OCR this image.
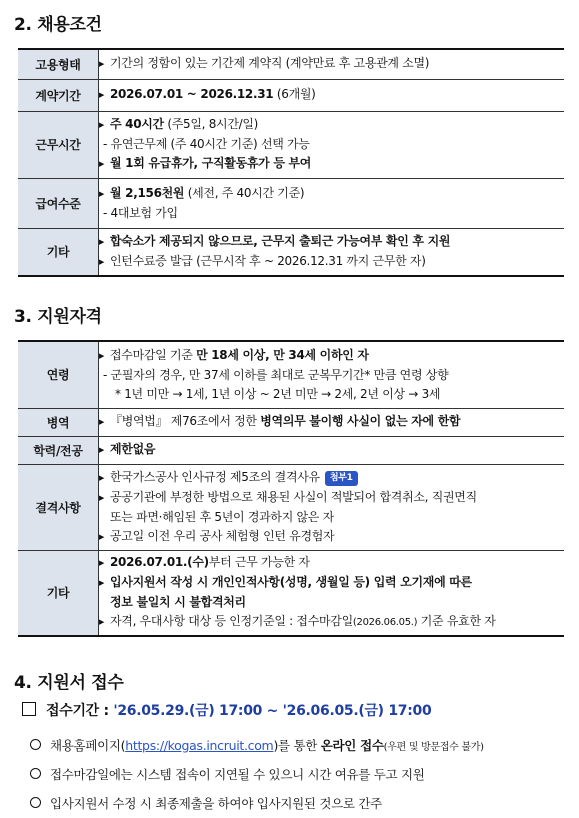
2. 채용조건
고용형태	▶ 기간의 정함이 있는 기간제 계약직 (계약만료 후 고용관계 소멸)

계약기간	▶ 2026.07.01 ~ 2026.12.31 (6개월)

근무시간	▶ 주 40시간 (주5일, 8시간/일)
- 유연근무제 (주 40시간 기준) 선택 가능
▶ 월 1회 유급휴가, 구직활동휴가 등 부여

급여수준	▶ 월 2,156천원 (세전, 주 40시간 기준)
- 4대보험 가입

기타	▶ 합숙소가 제공되지 않으므로, 근무지 출퇴근 가능여부 확인 후 지원
▶ 인턴수료증 발급 (근무시작 후 ~ 2026.12.31 까지 근무한 자)
3. 지원자격
연령	▶ 접수마감일 기준 만 18세 이상, 만 34세 이하인 자
- 군필자의 경우, 만 37세 이하를 최대로 군복무기간* 만큼 연령 상향
* 1년 미만 → 1세, 1년 이상 ~ 2년 미만 → 2세, 2년 이상 → 3세

병역	▶ 『병역법』 제76조에서 정한 병역의무 불이행 사실이 없는 자에 한함

학력/전공	▶ 제한없음

결격사항	▶ 한국가스공사 인사규정 제5조의 결격사유 첨부1
▶ 공공기관에 부정한 방법으로 채용된 사실이 적발되어 합격취소, 직권면직
또는 파면·해임된 후 5년이 경과하지 않은 자
▶ 공고일 이전 우리 공사 체험형 인턴 유경험자

기타	▶ 2026.07.01.(수)부터 근무 가능한 자
▶ 입사지원서 작성 시 개인인적사항(성명, 생월일 등) 입력 오기재에 따른
정보 불일치 시 불합격처리
▶ 자격, 우대사항 대상 등 인정기준일 : 접수마감일(2026.06.05.) 기준 유효한 자
4. 지원서 접수
접수기간 : '26.05.29.(금) 17:00 ~ '26.06.05.(금) 17:00
채용홈페이지(https://kogas.incruit.com)를 통한 온라인 접수(우편 및 방문접수 불가)
접수마감일에는 시스템 접속이 지연될 수 있으니 시간 여유를 두고 지원
입사지원서 수정 시 최종제출을 하여야 입사지원된 것으로 간주
